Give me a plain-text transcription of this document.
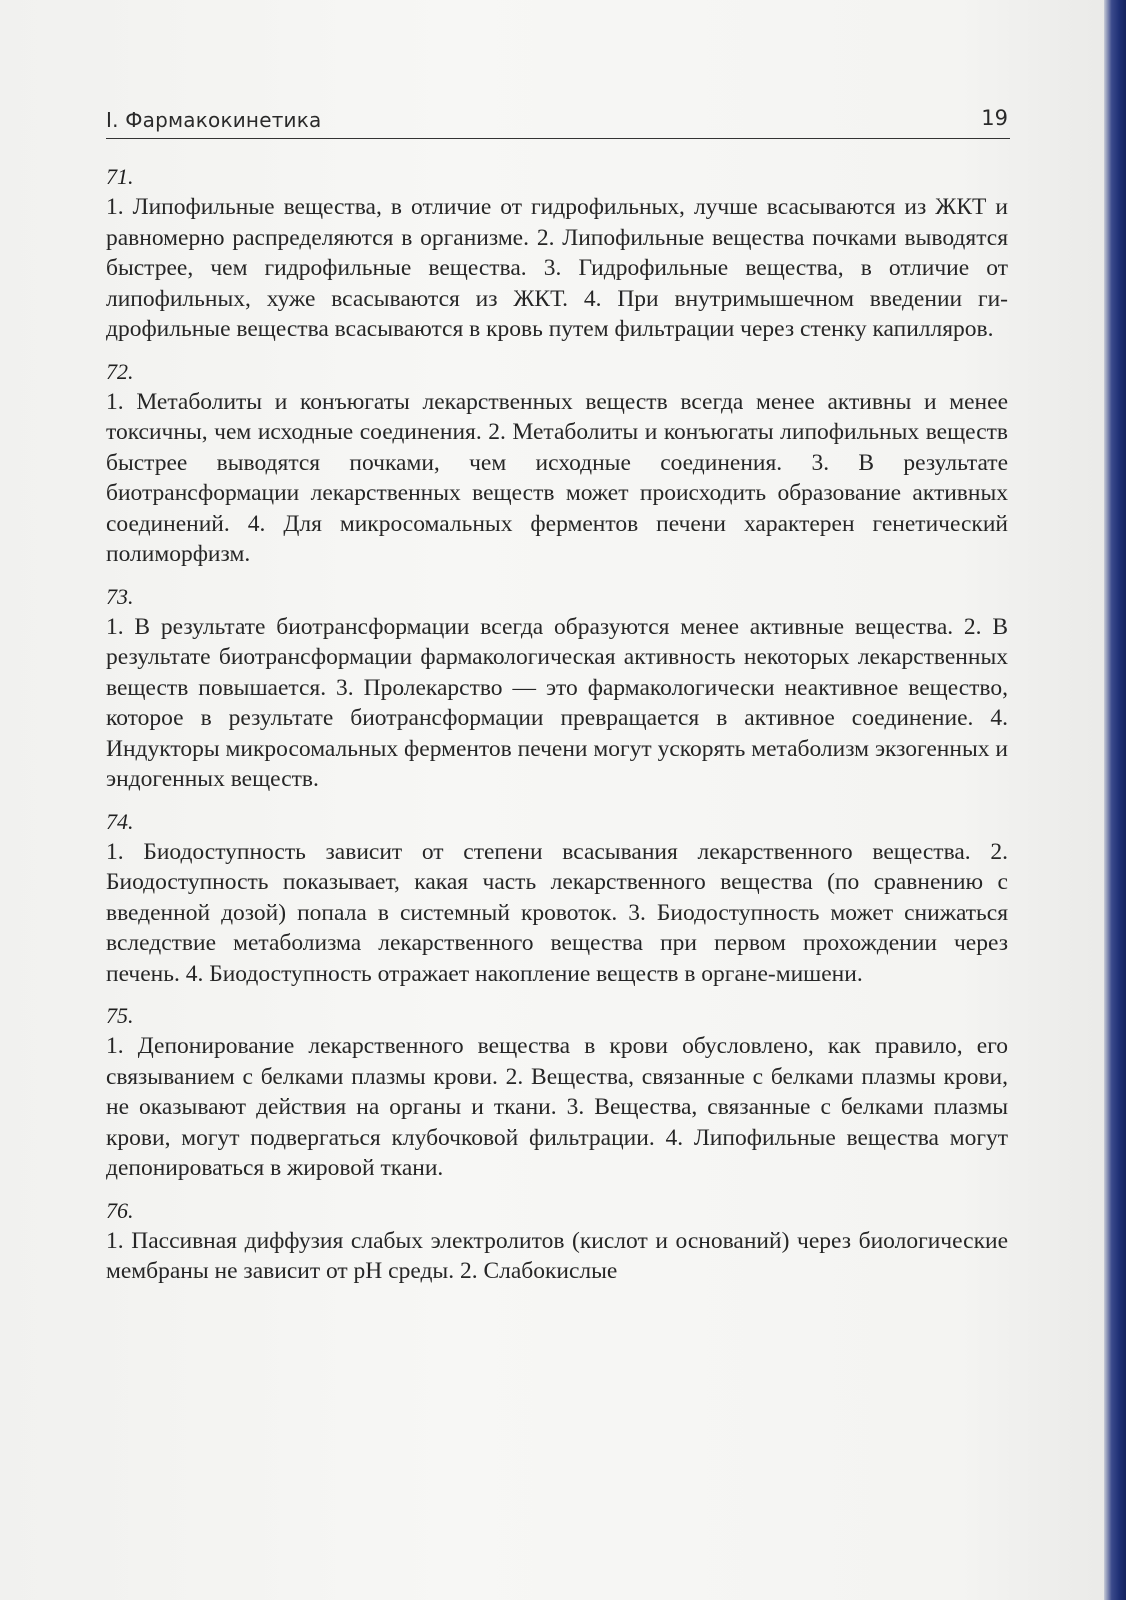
I. Фармакокинетика	19
71.
1. Липофильные вещества, в отличие от гидрофильных, лучше всасываются из ЖКТ и равномерно распределяются в организме. 2. Липофильные вещества почками выводятся быстрее, чем гидрофильные вещества. 3. Гидрофильные вещества, в отличие от липофильных, хуже всасываются из ЖКТ. 4. При внутримышечном введении гидрофильные вещества всасываются в кровь путем фильтрации через стенку капилляров.
72.
1. Метаболиты и конъюгаты лекарственных веществ всегда менее активны и менее токсичны, чем исходные соединения. 2. Метаболиты и конъюгаты липофильных веществ быстрее выводятся почками, чем исходные соединения. 3. В результате биотрансформации лекарственных веществ может происходить образование активных соединений. 4. Для микросомальных ферментов печени характерен генетический полиморфизм.
73.
1. В результате биотрансформации всегда образуются менее активные вещества. 2. В результате биотрансформации фармакологическая активность некоторых лекарственных веществ повышается. 3. Пролекарство — это фармакологически неактивное вещество, которое в результате биотрансформации превращается в активное соединение. 4. Индукторы микросомальных ферментов печени могут ускорять метаболизм экзогенных и эндогенных веществ.
74.
1. Биодоступность зависит от степени всасывания лекарственного вещества. 2. Биодоступность показывает, какая часть лекарственного вещества (по сравнению с введенной дозой) попала в системный кровоток. 3. Биодоступность может снижаться вследствие метаболизма лекарственного вещества при первом прохождении через печень. 4. Биодоступность отражает накопление веществ в органе-мишени.
75.
1. Депонирование лекарственного вещества в крови обусловлено, как правило, его связыванием с белками плазмы крови. 2. Вещества, связанные с белками плазмы крови, не оказывают действия на органы и ткани. 3. Вещества, связанные с белками плазмы крови, могут подвергаться клубочковой фильтрации. 4. Липофильные вещества могут депонироваться в жировой ткани.
76.
1. Пассивная диффузия слабых электролитов (кислот и оснований) через биологические мембраны не зависит от pH среды. 2. Слабокислые
